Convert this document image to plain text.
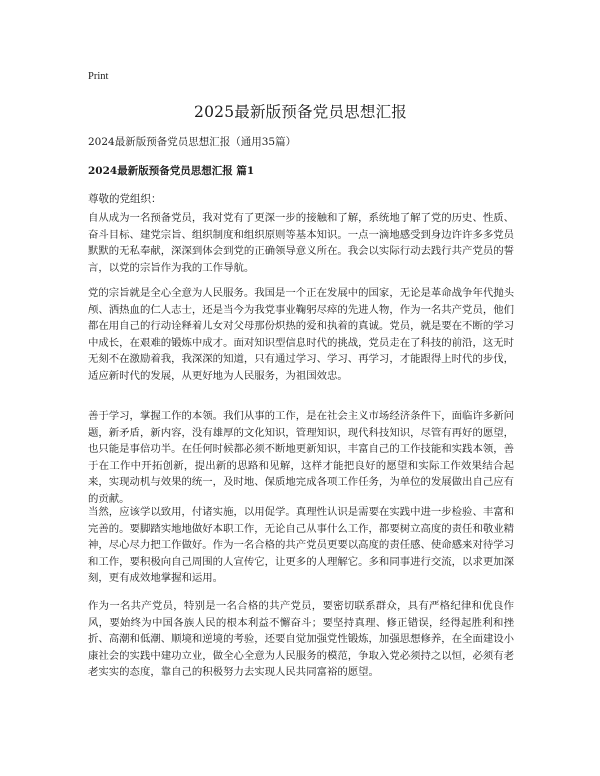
Print
2025最新版预备党员思想汇报

2024最新版预备党员思想汇报（通用35篇）

2024最新版预备党员思想汇报 篇1

尊敬的党组织：

自从成为一名预备党员，我对党有了更深一步的接触和了解，系统地了解了党的历史、性质、奋斗目标、建党宗旨、组织制度和组织原则等基本知识。一点一滴地感受到身边许许多多党员默默的无私奉献，深深到体会到党的正确领导意义所在。我会以实际行动去践行共产党员的誓言，以党的宗旨作为我的工作导航。

党的宗旨就是全心全意为人民服务。我国是一个正在发展中的国家，无论是革命战争年代抛头颅、洒热血的仁人志士，还是当今为我党事业鞠躬尽瘁的先进人物，作为一名共产党员，他们都在用自己的行动诠释着儿女对父母那份炽热的爱和执着的真诚。党员，就是要在不断的学习中成长，在艰难的锻炼中成才。面对知识型信息时代的挑战，党员走在了科技的前沿，这无时无刻不在激励着我，我深深的知道，只有通过学习、学习、再学习，才能跟得上时代的步伐，适应新时代的发展，从更好地为人民服务，为祖国效忠。

善于学习，掌握工作的本领。我们从事的工作，是在社会主义市场经济条件下，面临许多新问题，新矛盾，新内容，没有雄厚的文化知识，管理知识，现代科技知识，尽管有再好的愿望，也只能是事倍功半。在任何时候都必须不断地更新知识，丰富自己的工作技能和实践本领，善于在工作中开拓创新，提出新的思路和见解，这样才能把良好的愿望和实际工作效果结合起来，实现动机与效果的统一，及时地、保质地完成各项工作任务，为单位的发展做出自己应有的贡献。

当然，应该学以致用，付诸实施，以用促学。真理性认识是需要在实践中进一步检验、丰富和完善的。要脚踏实地地做好本职工作，无论自己从事什么工作，都要树立高度的责任和敬业精神，尽心尽力把工作做好。作为一名合格的共产党员更要以高度的责任感、使命感来对待学习和工作，要积极向自己周围的人宣传它，让更多的人理解它。多和同事进行交流，以求更加深刻，更有成效地掌握和运用。

作为一名共产党员，特别是一名合格的共产党员，要密切联系群众，具有严格纪律和优良作风，要始终为中国各族人民的根本利益不懈奋斗；要坚持真理、修正错误，经得起胜利和挫折、高潮和低潮、顺境和逆境的考验，还要自觉加强党性锻炼，加强思想修养，在全面建设小康社会的实践中建功立业，做全心全意为人民服务的模范，争取入党必须持之以恒，必须有老老实实的态度，靠自己的积极努力去实现人民共同富裕的愿望。
